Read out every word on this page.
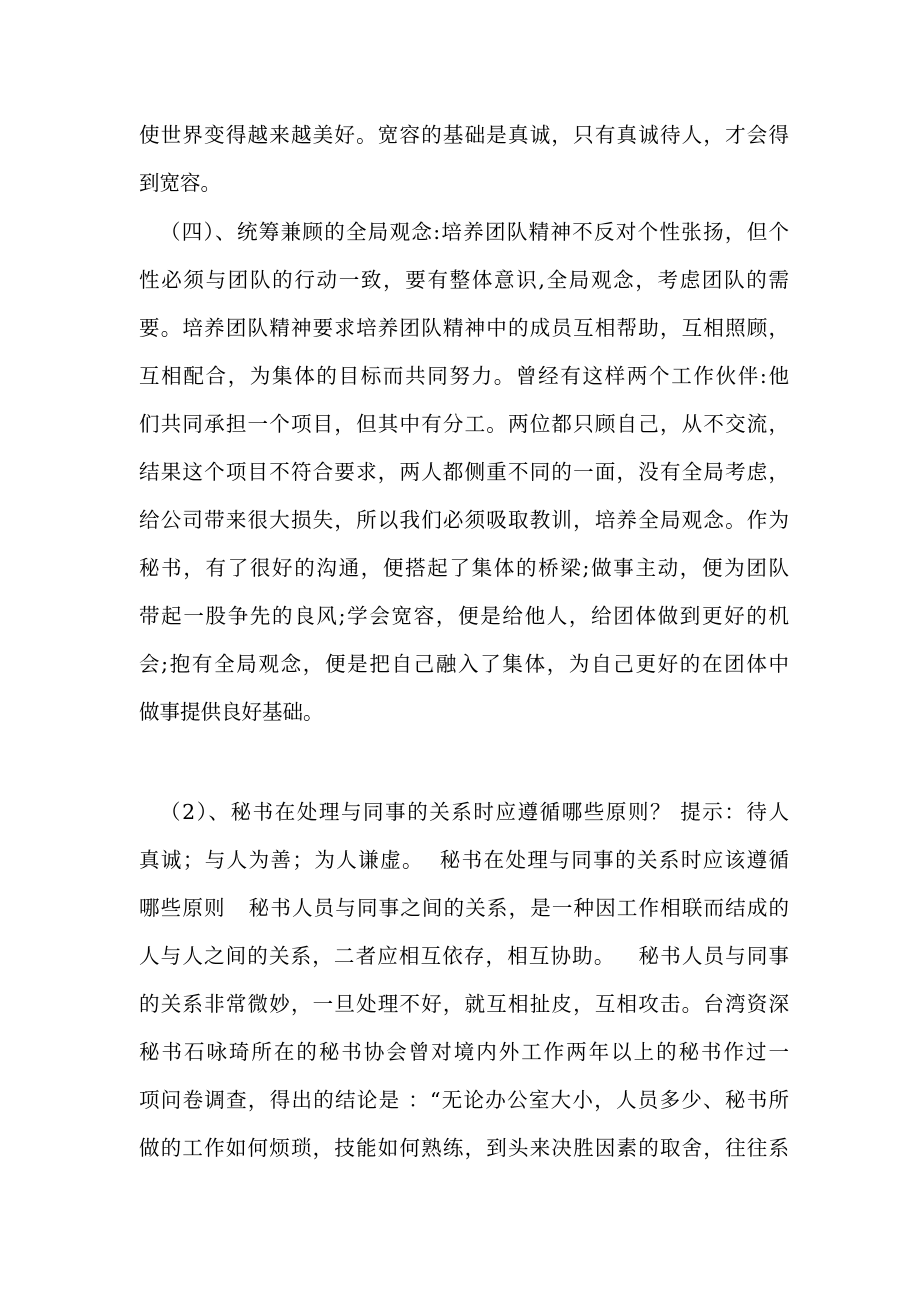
使世界变得越来越美好。宽容的基础是真诚，只有真诚待人，才会得
到宽容。
（四）、统筹兼顾的全局观念:培养团队精神不反对个性张扬，但个
性必须与团队的行动一致，要有整体意识,全局观念，考虑团队的需
要。培养团队精神要求培养团队精神中的成员互相帮助，互相照顾，
互相配合，为集体的目标而共同努力。曾经有这样两个工作伙伴:他
们共同承担一个项目，但其中有分工。两位都只顾自己，从不交流，
结果这个项目不符合要求，两人都侧重不同的一面，没有全局考虑，
给公司带来很大损失，所以我们必须吸取教训，培养全局观念。作为
秘书，有了很好的沟通，便搭起了集体的桥梁;做事主动，便为团队
带起一股争先的良风;学会宽容，便是给他人，给团体做到更好的机
会;抱有全局观念，便是把自己融入了集体，为自己更好的在团体中
做事提供良好基础。
（2）、秘书在处理与同事的关系时应遵循哪些原则？ 提示：待人
真诚；与人为善；为人谦虚。  秘书在处理与同事的关系时应该遵循
哪些原则   秘书人员与同事之间的关系，是一种因工作相联而结成的
人与人之间的关系，二者应相互依存，相互协助。   秘书人员与同事
的关系非常微妙，一旦处理不好，就互相扯皮，互相攻击。台湾资深
秘书石咏琦所在的秘书协会曾对境内外工作两年以上的秘书作过一
项问卷调查，得出的结论是 ：“无论办公室大小，人员多少、秘书所
做的工作如何烦琐，技能如何熟练，到头来决胜因素的取舍，往往系
